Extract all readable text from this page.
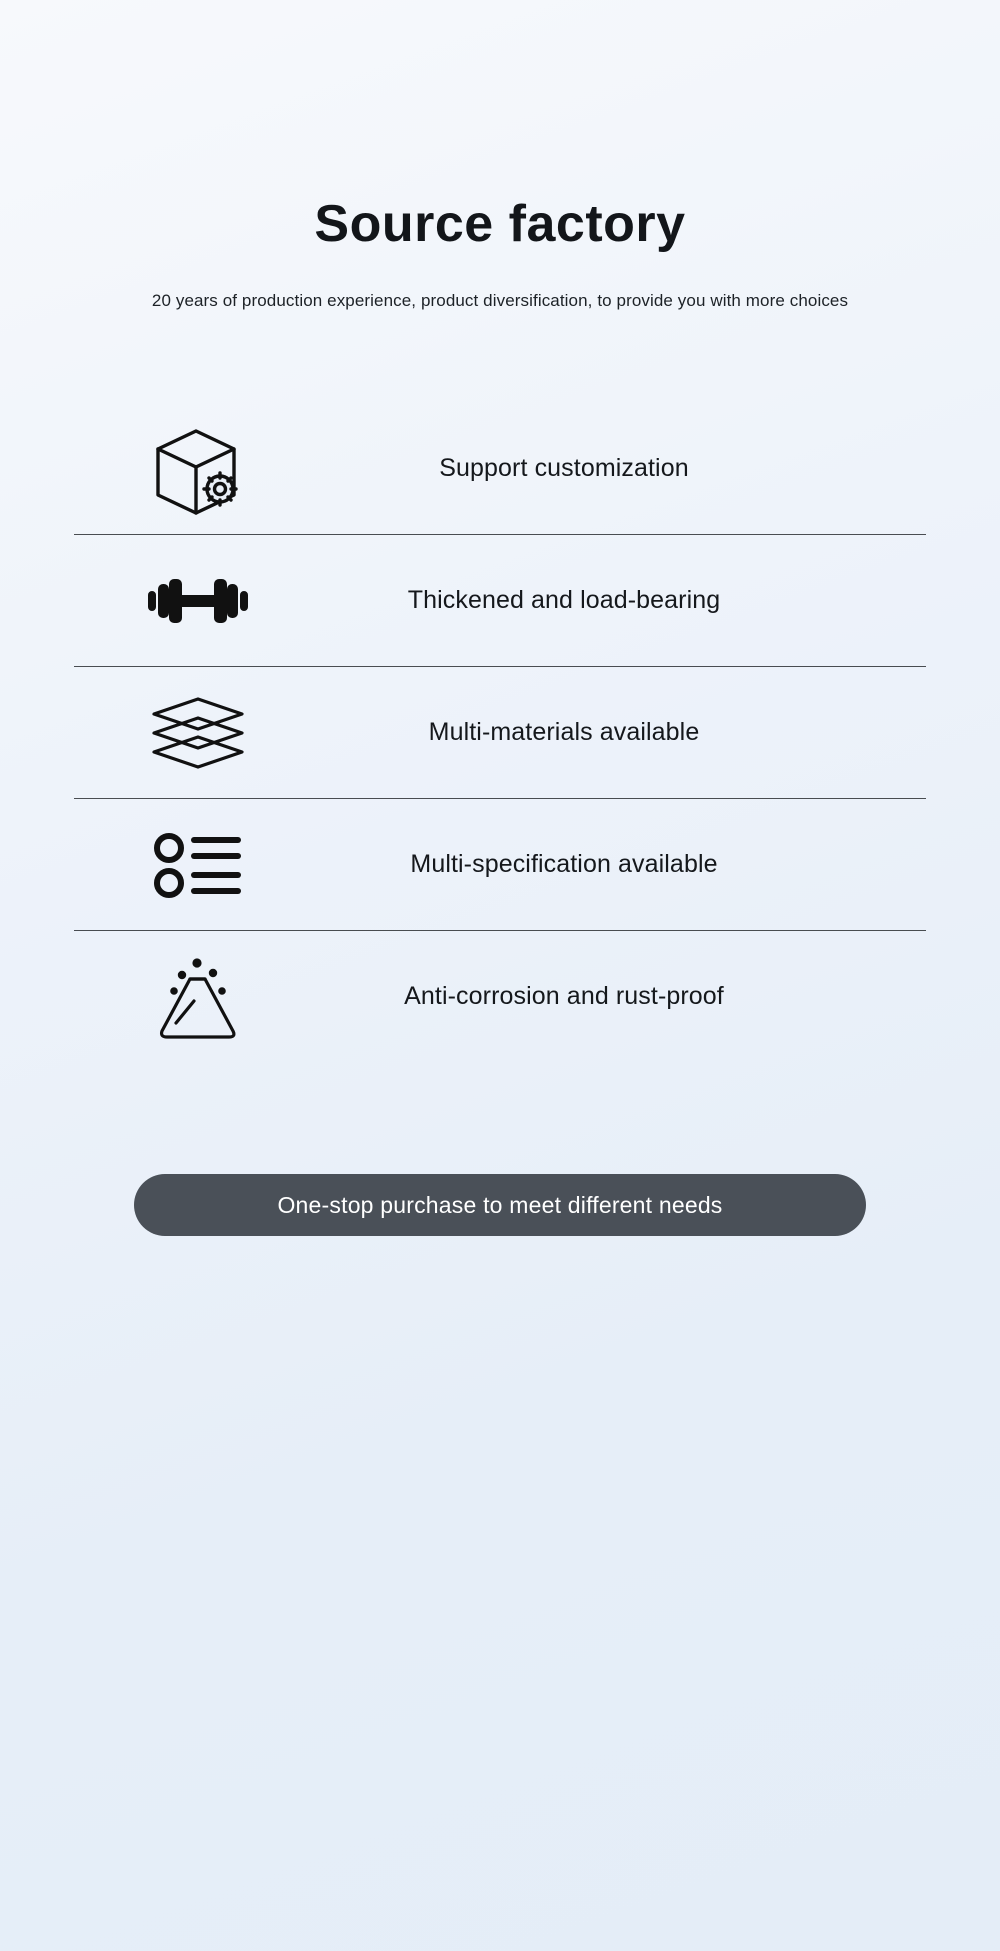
Source factory

20 years of production experience, product diversification, to provide you with more choices

Support customization
Thickened and load-bearing
Multi-materials available
Multi-specification available
Anti-corrosion and rust-proof
One-stop purchase to meet different needs
